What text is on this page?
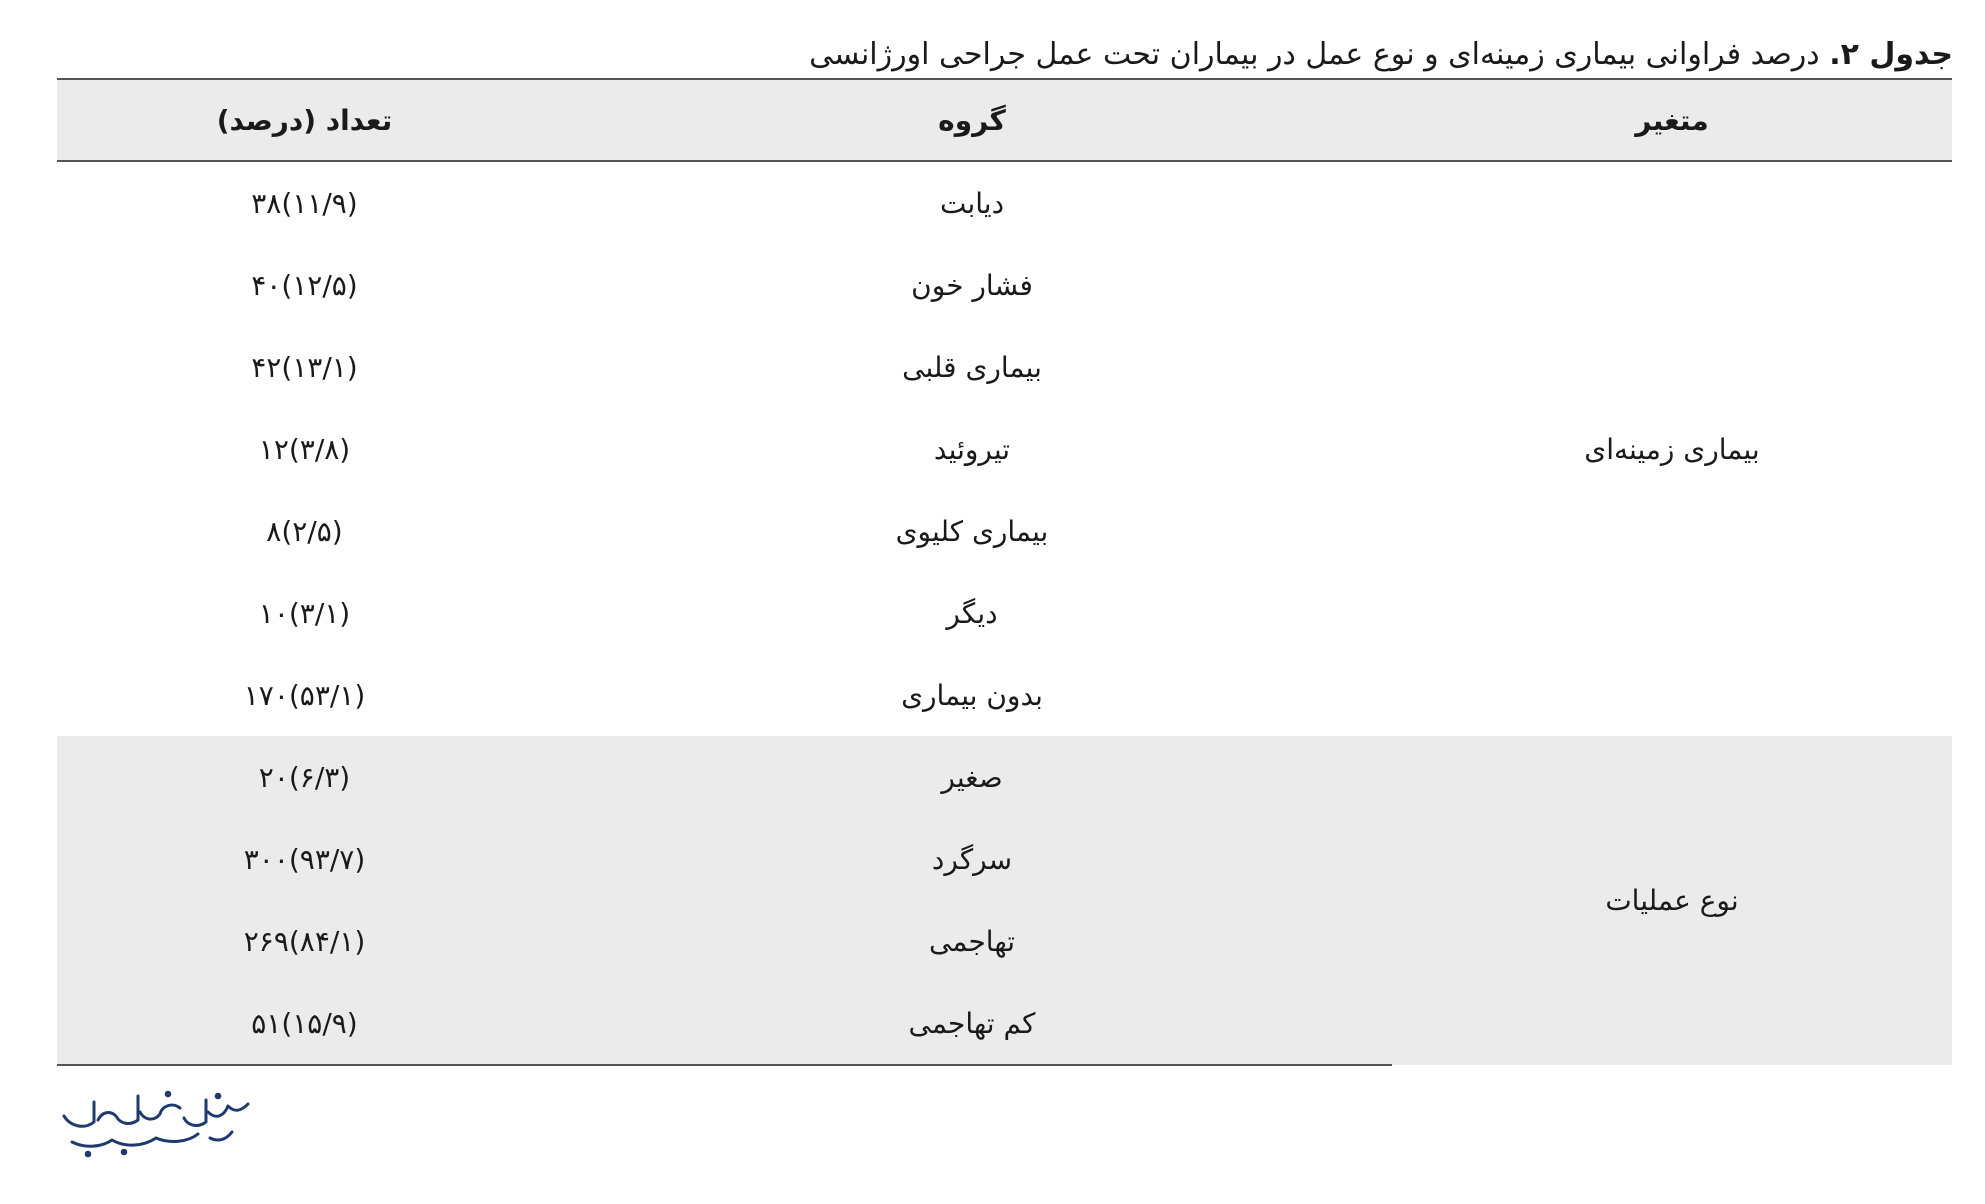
جدول ۲. درصد فراوانی بیماری زمینه‌ای و نوع عمل در بیماران تحت عمل جراحی اورژانسی
متغیر	گروه	تعداد (درصد)
بیماری زمینه‌ای	دیابت	۳۸(۱۱/۹)
	فشار خون	۴۰(۱۲/۵)
	بیماری قلبی	۴۲(۱۳/۱)
	تیروئید	۱۲(۳/۸)
	بیماری کلیوی	۸(۲/۵)
	دیگر	۱۰(۳/۱)
	بدون بیماری	۱۷۰(۵۳/۱)
نوع عملیات	صغیر	۲۰(۶/۳)
	سرگرد	۳۰۰(۹۳/۷)
	تهاجمی	۲۶۹(۸۴/۱)
	کم تهاجمی	۵۱(۱۵/۹)
